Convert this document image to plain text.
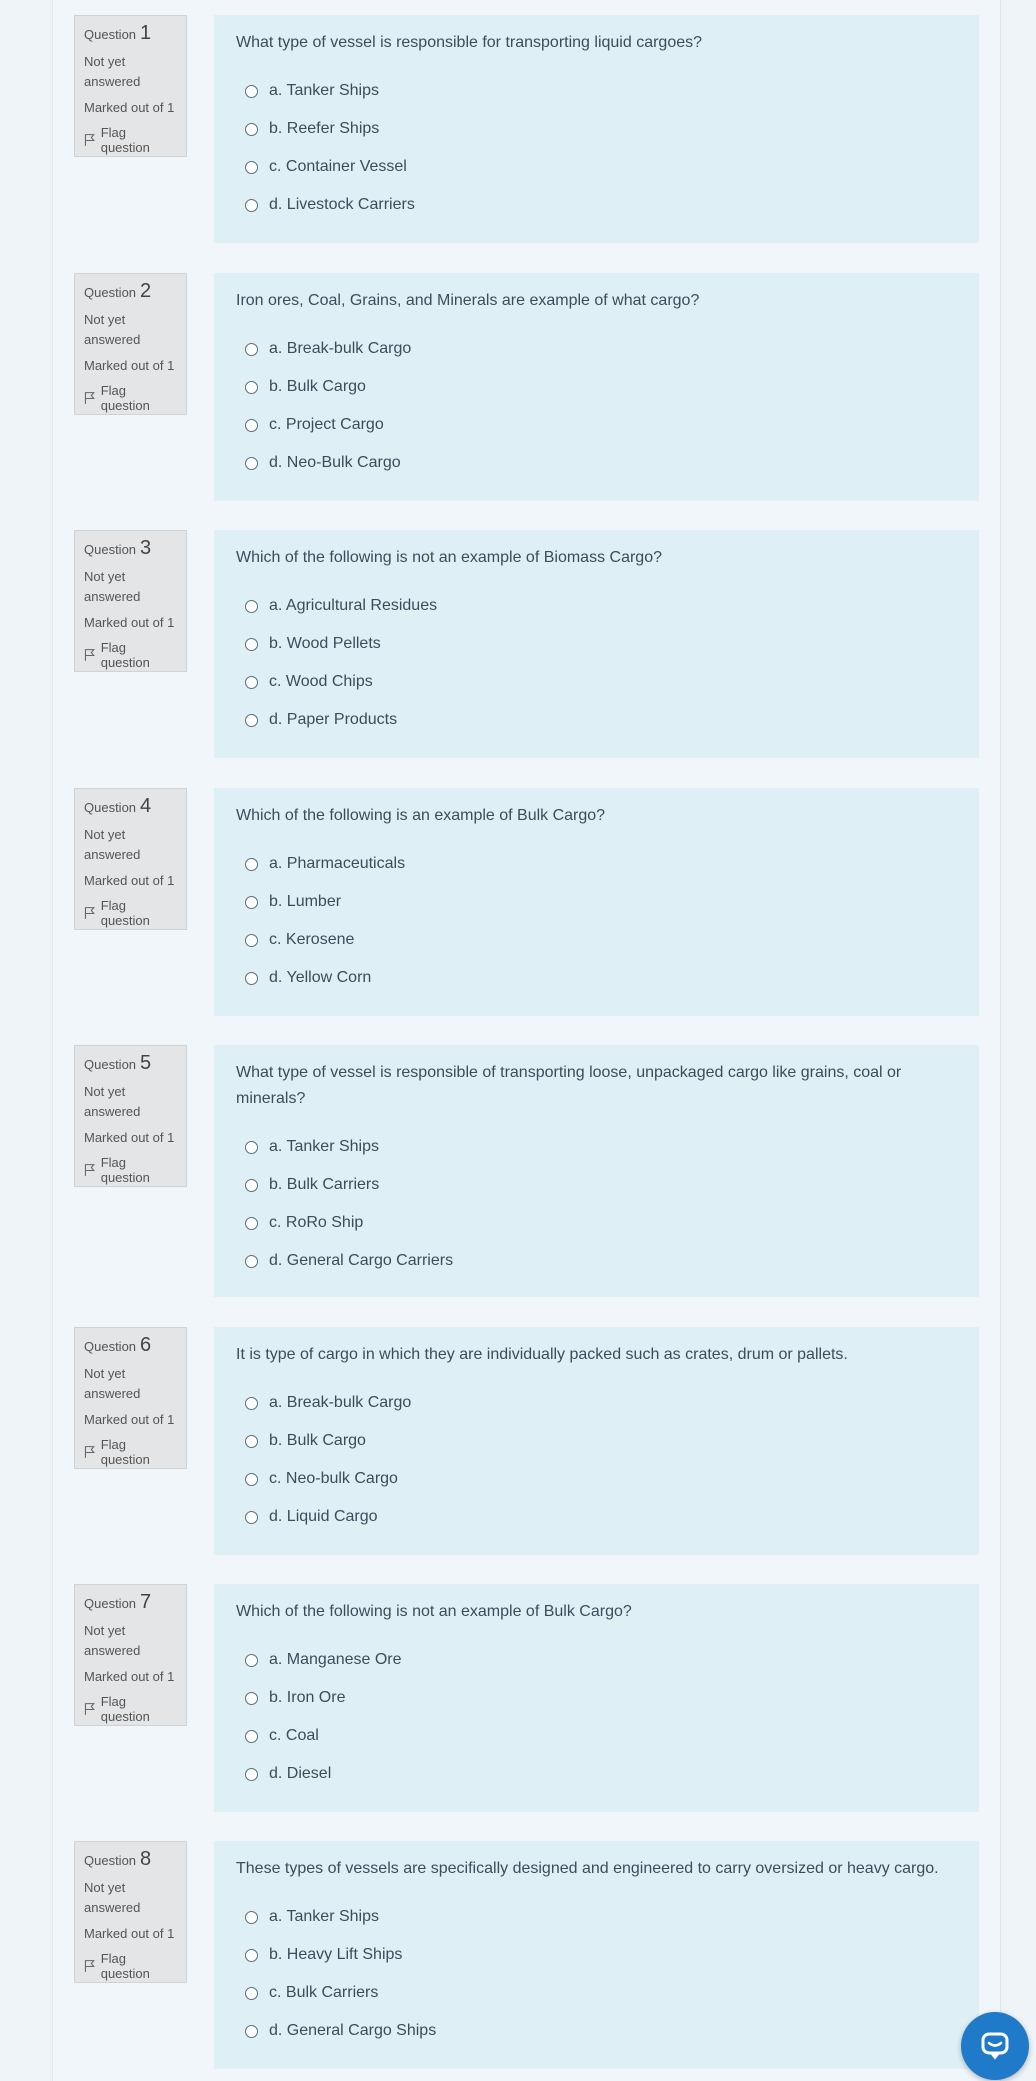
Question 1
Not yet answered
Marked out of 1
Flag question
What type of vessel is responsible for transporting liquid cargoes?
a. Tanker Ships
b. Reefer Ships
c. Container Vessel
d. Livestock Carriers
Question 2
Not yet answered
Marked out of 1
Flag question
Iron ores, Coal, Grains, and Minerals are example of what cargo?
a. Break-bulk Cargo
b. Bulk Cargo
c. Project Cargo
d. Neo-Bulk Cargo
Question 3
Not yet answered
Marked out of 1
Flag question
Which of the following is not an example of Biomass Cargo?
a. Agricultural Residues
b. Wood Pellets
c. Wood Chips
d. Paper Products
Question 4
Not yet answered
Marked out of 1
Flag question
Which of the following is an example of Bulk Cargo?
a. Pharmaceuticals
b. Lumber
c. Kerosene
d. Yellow Corn
Question 5
Not yet answered
Marked out of 1
Flag question
What type of vessel is responsible of transporting loose, unpackaged cargo like grains, coal or minerals?
a. Tanker Ships
b. Bulk Carriers
c. RoRo Ship
d. General Cargo Carriers
Question 6
Not yet answered
Marked out of 1
Flag question
It is type of cargo in which they are individually packed such as crates, drum or pallets.
a. Break-bulk Cargo
b. Bulk Cargo
c. Neo-bulk Cargo
d. Liquid Cargo
Question 7
Not yet answered
Marked out of 1
Flag question
Which of the following is not an example of Bulk Cargo?
a. Manganese Ore
b. Iron Ore
c. Coal
d. Diesel
Question 8
Not yet answered
Marked out of 1
Flag question
These types of vessels are specifically designed and engineered to carry oversized or heavy cargo.
a. Tanker Ships
b. Heavy Lift Ships
c. Bulk Carriers
d. General Cargo Ships
